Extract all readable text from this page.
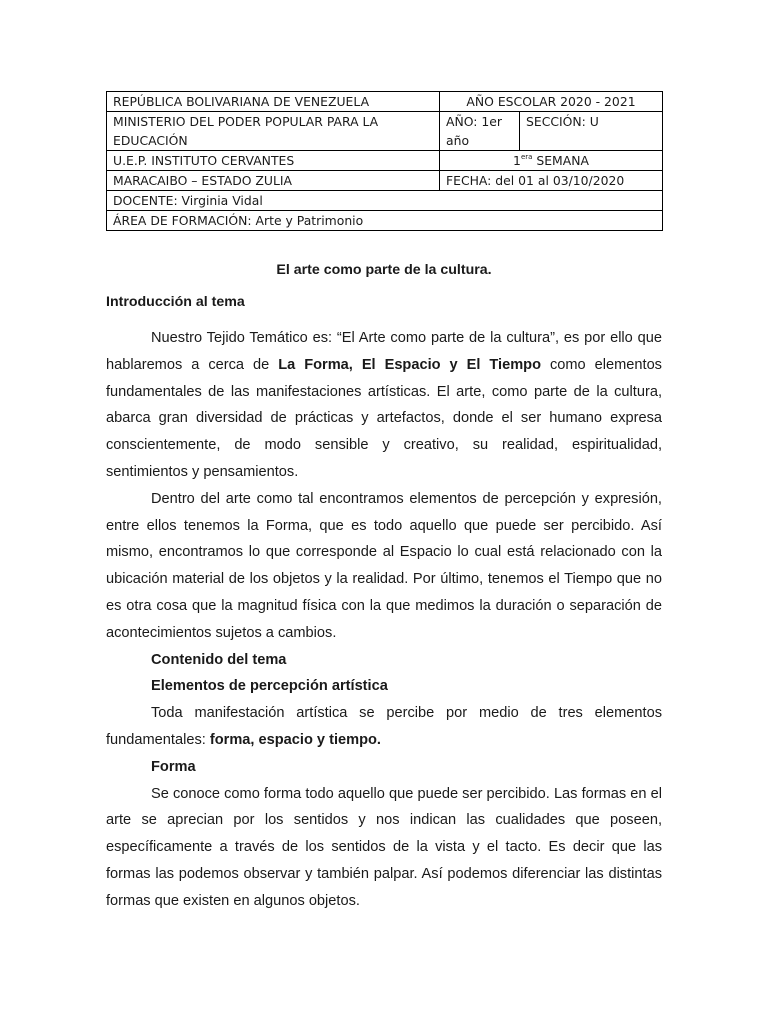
REPÚBLICA BOLIVARIANA DE VENEZUELA	AÑO ESCOLAR 2020 - 2021	
MINISTERIO DEL PODER POPULAR PARA LA EDUCACIÓN	AÑO: 1er año	SECCIÓN: U
U.E.P. INSTITUTO CERVANTES	$1^{era}$ SEMANA	
MARACAIBO – ESTADO ZULIA	FECHA: del 01 al 03/10/2020	
DOCENTE: Virginia Vidal		
ÁREA DE FORMACIÓN: Arte y Patrimonio		
El arte como parte de la cultura.
Introducción al tema

Nuestro Tejido Temático es: “El Arte como parte de la cultura”, es por ello que hablaremos a cerca de La Forma, El Espacio y El Tiempo como elementos fundamentales de las manifestaciones artísticas. El arte, como parte de la cultura, abarca gran diversidad de prácticas y artefactos, donde el ser humano expresa conscientemente, de modo sensible y creativo, su realidad, espiritualidad, sentimientos y pensamientos.

Dentro del arte como tal encontramos elementos de percepción y expresión, entre ellos tenemos la Forma, que es todo aquello que puede ser percibido. Así mismo, encontramos lo que corresponde al Espacio lo cual está relacionado con la ubicación material de los objetos y la realidad. Por último, tenemos el Tiempo que no es otra cosa que la magnitud física con la que medimos la duración o separación de acontecimientos sujetos a cambios.

Contenido del tema
Elementos de percepción artística

Toda manifestación artística se percibe por medio de tres elementos fundamentales: forma, espacio y tiempo.

Forma

Se conoce como forma todo aquello que puede ser percibido. Las formas en el arte se aprecian por los sentidos y nos indican las cualidades que poseen, específicamente a través de los sentidos de la vista y el tacto. Es decir que las formas las podemos observar y también palpar. Así podemos diferenciar las distintas formas que existen en algunos objetos.
